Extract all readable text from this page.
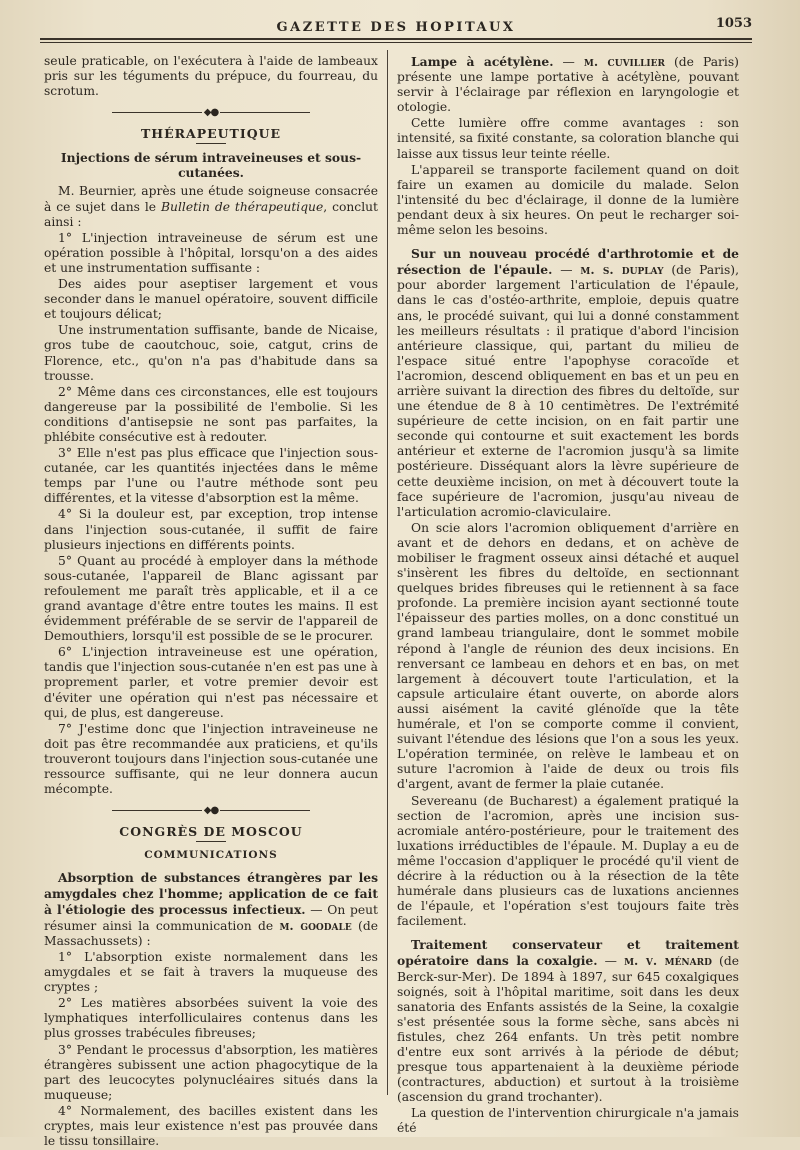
GAZETTE DES HOPITAUX	1053

seule praticable, on l'exécutera à l'aide de lambeaux pris sur les téguments du prépuce, du fourreau, du scrotum.

◆●
THÉRAPEUTIQUE
Injections de sérum intraveineuses et sous-cutanées.

M. Beurnier, après une étude soigneuse consacrée à ce sujet dans le Bulletin de thérapeutique, conclut ainsi :

1° L'injection intraveineuse de sérum est une opération possible à l'hôpital, lorsqu'on a des aides et une instrumentation suffisante :

Des aides pour aseptiser largement et vous seconder dans le manuel opératoire, souvent difficile et toujours délicat;

Une instrumentation suffisante, bande de Nicaise, gros tube de caoutchouc, soie, catgut, crins de Florence, etc., qu'on n'a pas d'habitude dans sa trousse.

2° Même dans ces circonstances, elle est toujours dangereuse par la possibilité de l'embolie. Si les conditions d'antisepsie ne sont pas parfaites, la phlébite consécutive est à redouter.

3° Elle n'est pas plus efficace que l'injection sous-cutanée, car les quantités injectées dans le même temps par l'une ou l'autre méthode sont peu différentes, et la vitesse d'absorption est la même.

4° Si la douleur est, par exception, trop intense dans l'injection sous-cutanée, il suffit de faire plusieurs injections en différents points.

5° Quant au procédé à employer dans la méthode sous-cutanée, l'appareil de Blanc agissant par refoulement me paraît très applicable, et il a ce grand avantage d'être entre toutes les mains. Il est évidemment préférable de se servir de l'appareil de Demouthiers, lorsqu'il est possible de se le procurer.

6° L'injection intraveineuse est une opération, tandis que l'injection sous-cutanée n'en est pas une à proprement parler, et votre premier devoir est d'éviter une opération qui n'est pas nécessaire et qui, de plus, est dangereuse.

7° J'estime donc que l'injection intraveineuse ne doit pas être recommandée aux praticiens, et qu'ils trouveront toujours dans l'injection sous-cutanée une ressource suffisante, qui ne leur donnera aucun mécompte.

◆●
CONGRÈS DE MOSCOU
COMMUNICATIONS

Absorption de substances étrangères par les amygdales chez l'homme; application de ce fait à l'étiologie des processus infectieux. — On peut résumer ainsi la communication de m. goodale (de Massachussets) :

1° L'absorption existe normalement dans les amygdales et se fait à travers la muqueuse des cryptes ;

2° Les matières absorbées suivent la voie des lymphatiques interfolliculaires contenus dans les plus grosses trabécules fibreuses;

3° Pendant le processus d'absorption, les matières étrangères subissent une action phagocytique de la part des leucocytes polynucléaires situés dans la muqueuse;

4° Normalement, des bacilles existent dans les cryptes, mais leur existence n'est pas prouvée dans le tissu tonsillaire.

Lampe à acétylène. — m. cuvillier (de Paris) présente une lampe portative à acétylène, pouvant servir à l'éclairage par réflexion en laryngologie et otologie.

Cette lumière offre comme avantages : son intensité, sa fixité constante, sa coloration blanche qui laisse aux tissus leur teinte réelle.

L'appareil se transporte facilement quand on doit faire un examen au domicile du malade. Selon l'intensité du bec d'éclairage, il donne de la lumière pendant deux à six heures. On peut le recharger soi-même selon les besoins.

Sur un nouveau procédé d'arthrotomie et de résection de l'épaule. — m. s. duplay (de Paris), pour aborder largement l'articulation de l'épaule, dans le cas d'ostéo-arthrite, emploie, depuis quatre ans, le procédé suivant, qui lui a donné constamment les meilleurs résultats : il pratique d'abord l'incision antérieure classique, qui, partant du milieu de l'espace situé entre l'apophyse coracoïde et l'acromion, descend obliquement en bas et un peu en arrière suivant la direction des fibres du deltoïde, sur une étendue de 8 à 10 centimètres. De l'extrémité supérieure de cette incision, on en fait partir une seconde qui contourne et suit exactement les bords antérieur et externe de l'acromion jusqu'à sa limite postérieure. Disséquant alors la lèvre supérieure de cette deuxième incision, on met à découvert toute la face supérieure de l'acromion, jusqu'au niveau de l'articulation acromio-claviculaire.

On scie alors l'acromion obliquement d'arrière en avant et de dehors en dedans, et on achève de mobiliser le fragment osseux ainsi détaché et auquel s'insèrent les fibres du deltoïde, en sectionnant quelques brides fibreuses qui le retiennent à sa face profonde. La première incision ayant sectionné toute l'épaisseur des parties molles, on a donc constitué un grand lambeau triangulaire, dont le sommet mobile répond à l'angle de réunion des deux incisions. En renversant ce lambeau en dehors et en bas, on met largement à découvert toute l'articulation, et la capsule articulaire étant ouverte, on aborde alors aussi aisément la cavité glénoïde que la tête humérale, et l'on se comporte comme il convient, suivant l'étendue des lésions que l'on a sous les yeux. L'opération terminée, on relève le lambeau et on suture l'acromion à l'aide de deux ou trois fils d'argent, avant de fermer la plaie cutanée.

Severeanu (de Bucharest) a également pratiqué la section de l'acromion, après une incision sus-acromiale antéro-postérieure, pour le traitement des luxations irréductibles de l'épaule. M. Duplay a eu de même l'occasion d'appliquer le procédé qu'il vient de décrire à la réduction ou à la résection de la tête humérale dans plusieurs cas de luxations anciennes de l'épaule, et l'opération s'est toujours faite très facilement.

Traitement conservateur et traitement opératoire dans la coxalgie. — m. v. ménard (de Berck-sur-Mer). De 1894 à 1897, sur 645 coxalgiques soignés, soit à l'hôpital maritime, soit dans les deux sanatoria des Enfants assistés de la Seine, la coxalgie s'est présentée sous la forme sèche, sans abcès ni fistules, chez 264 enfants. Un très petit nombre d'entre eux sont arrivés à la période de début; presque tous appartenaient à la deuxième période (contractures, abduction) et surtout à la troisième (ascension du grand trochanter).

La question de l'intervention chirurgicale n'a jamais été
